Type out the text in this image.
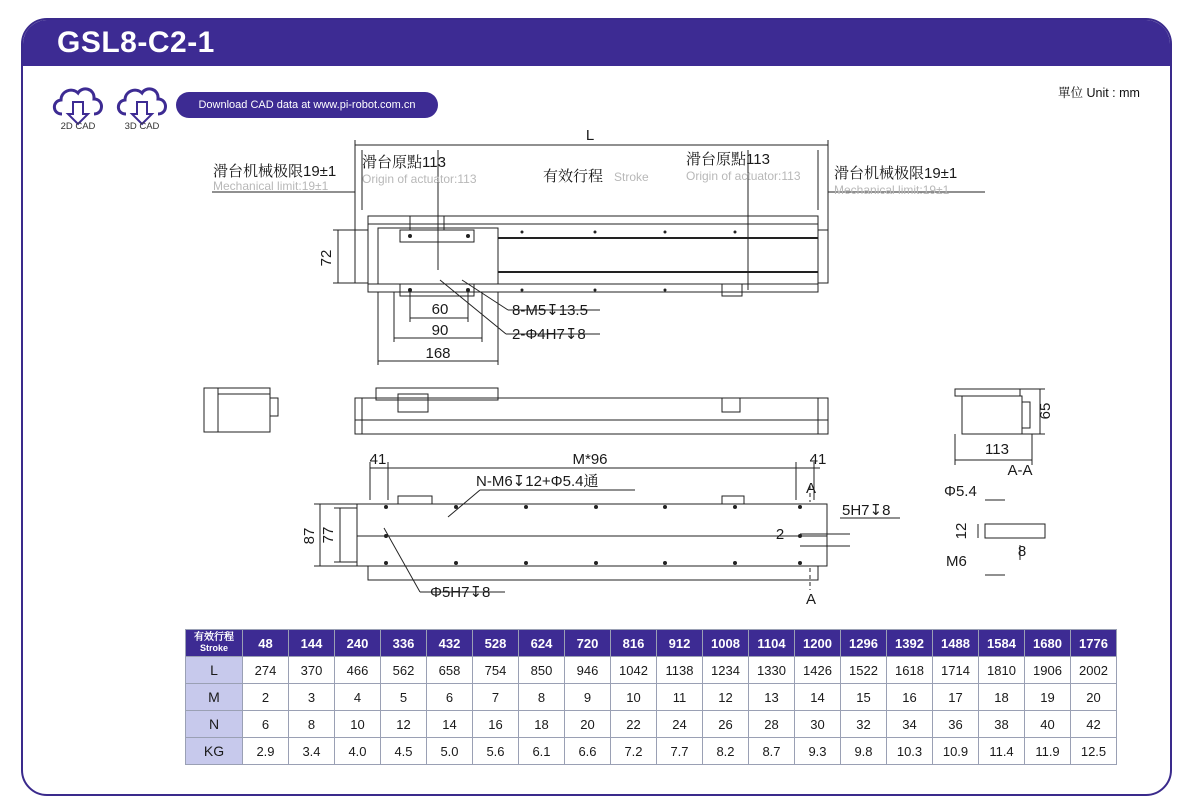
GSL8-C2-1
單位 Unit : mm
2D CAD	3D CAD
Download CAD data at www.pi-robot.com.cn
L
滑台机械极限19±1
Mechanical limit:19±1
滑台原點113
Origin of actuator:113	有效行程 Stroke
滑台原點113
Origin of actuator:113 滑台机械极限19±1
Mechanical limit:19±1
72
60
90
168
8-M5↧13.5
2-Φ4H7↧8
65
113
A-A
41	M*96	41
N-M6↧12+Φ5.4通	A
5H7↧8
2
87 77
Φ5H7↧8	A
Φ5.4
12
8
M6
有效行程
Stroke	48	144	240	336	432	528	624	720	816	912	1008	1104	1200	1296	1392	1488	1584	1680	1776
L	274	370	466	562	658	754	850	946	1042	1138	1234	1330	1426	1522	1618	1714	1810	1906	2002
M	2	3	4	5	6	7	8	9	10	11	12	13	14	15	16	17	18	19	20
N	6	8	10	12	14	16	18	20	22	24	26	28	30	32	34	36	38	40	42
KG	2.9	3.4	4.0	4.5	5.0	5.6	6.1	6.6	7.2	7.7	8.2	8.7	9.3	9.8	10.3	10.9	11.4	11.9	12.5
